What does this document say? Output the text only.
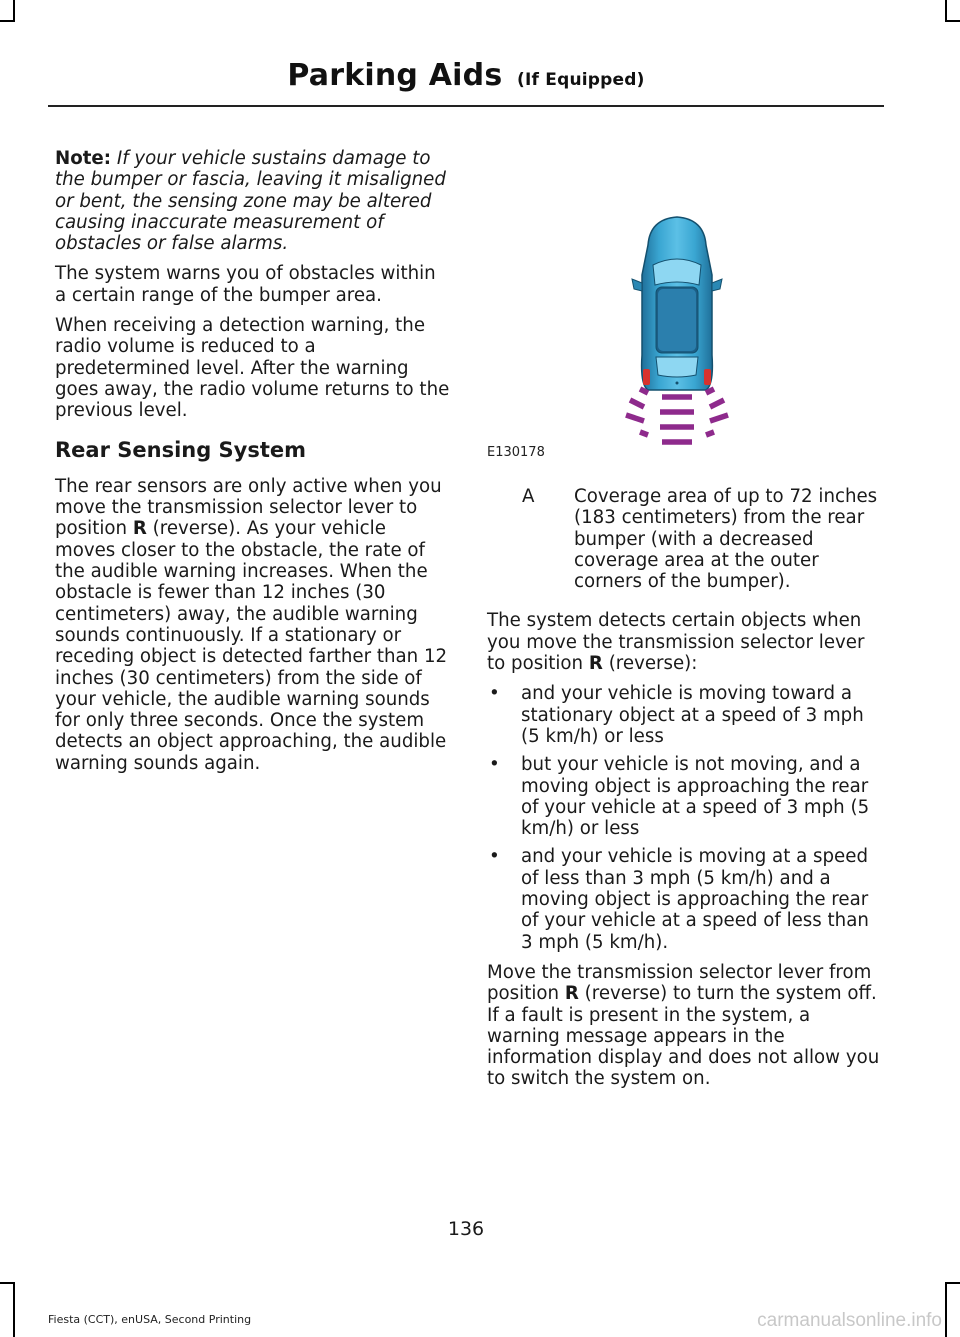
Parking Aids (If Equipped)

Note: If your vehicle sustains damage to the bumper or fascia, leaving it misaligned or bent, the sensing zone may be altered causing inaccurate measurement of obstacles or false alarms.

The system warns you of obstacles within a certain range of the bumper area.

When receiving a detection warning, the radio volume is reduced to a predetermined level. After the warning goes away, the radio volume returns to the previous level.

Rear Sensing System

The rear sensors are only active when you move the transmission selector lever to position R (reverse). As your vehicle moves closer to the obstacle, the rate of the audible warning increases. When the obstacle is fewer than 12 inches (30 centimeters) away, the audible warning sounds continuously. If a stationary or receding object is detected farther than 12 inches (30 centimeters) from the side of your vehicle, the audible warning sounds for only three seconds. Once the system detects an object approaching, the audible warning sounds again.

E130178

A	Coverage area of up to 72 inches (183 centimeters) from the rear bumper (with a decreased coverage area at the outer corners of the bumper).

The system detects certain objects when you move the transmission selector lever to position R (reverse):

•	and your vehicle is moving toward a stationary object at a speed of 3 mph (5 km/h) or less
•	but your vehicle is not moving, and a moving object is approaching the rear of your vehicle at a speed of 3 mph (5 km/h) or less
•	and your vehicle is moving at a speed of less than 3 mph (5 km/h) and a moving object is approaching the rear of your vehicle at a speed of less than 3 mph (5 km/h).

Move the transmission selector lever from position R (reverse) to turn the system off. If a fault is present in the system, a warning message appears in the information display and does not allow you to switch the system on.

136
Fiesta (CCT), enUSA, Second Printing	carmanualsonline.info
